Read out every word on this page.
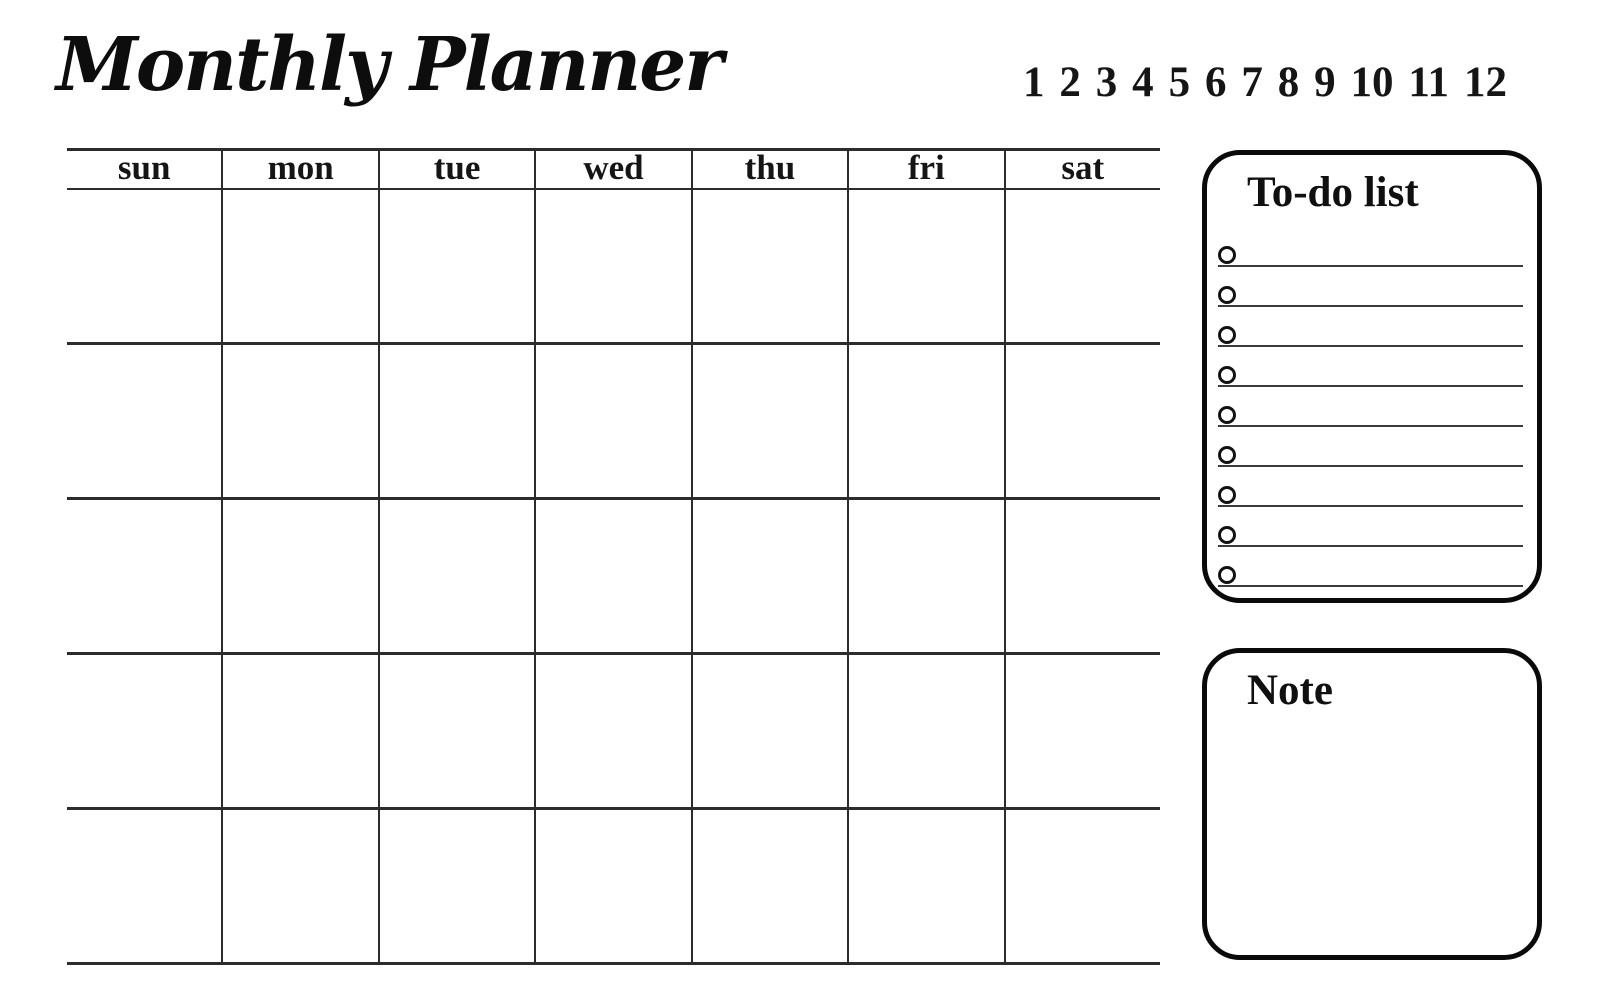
Monthly Planner	1 2 3 4 5 6 7 8 9 10 11 12
sun	mon	tue	wed	thu	fri	sat
To-do list
Note
